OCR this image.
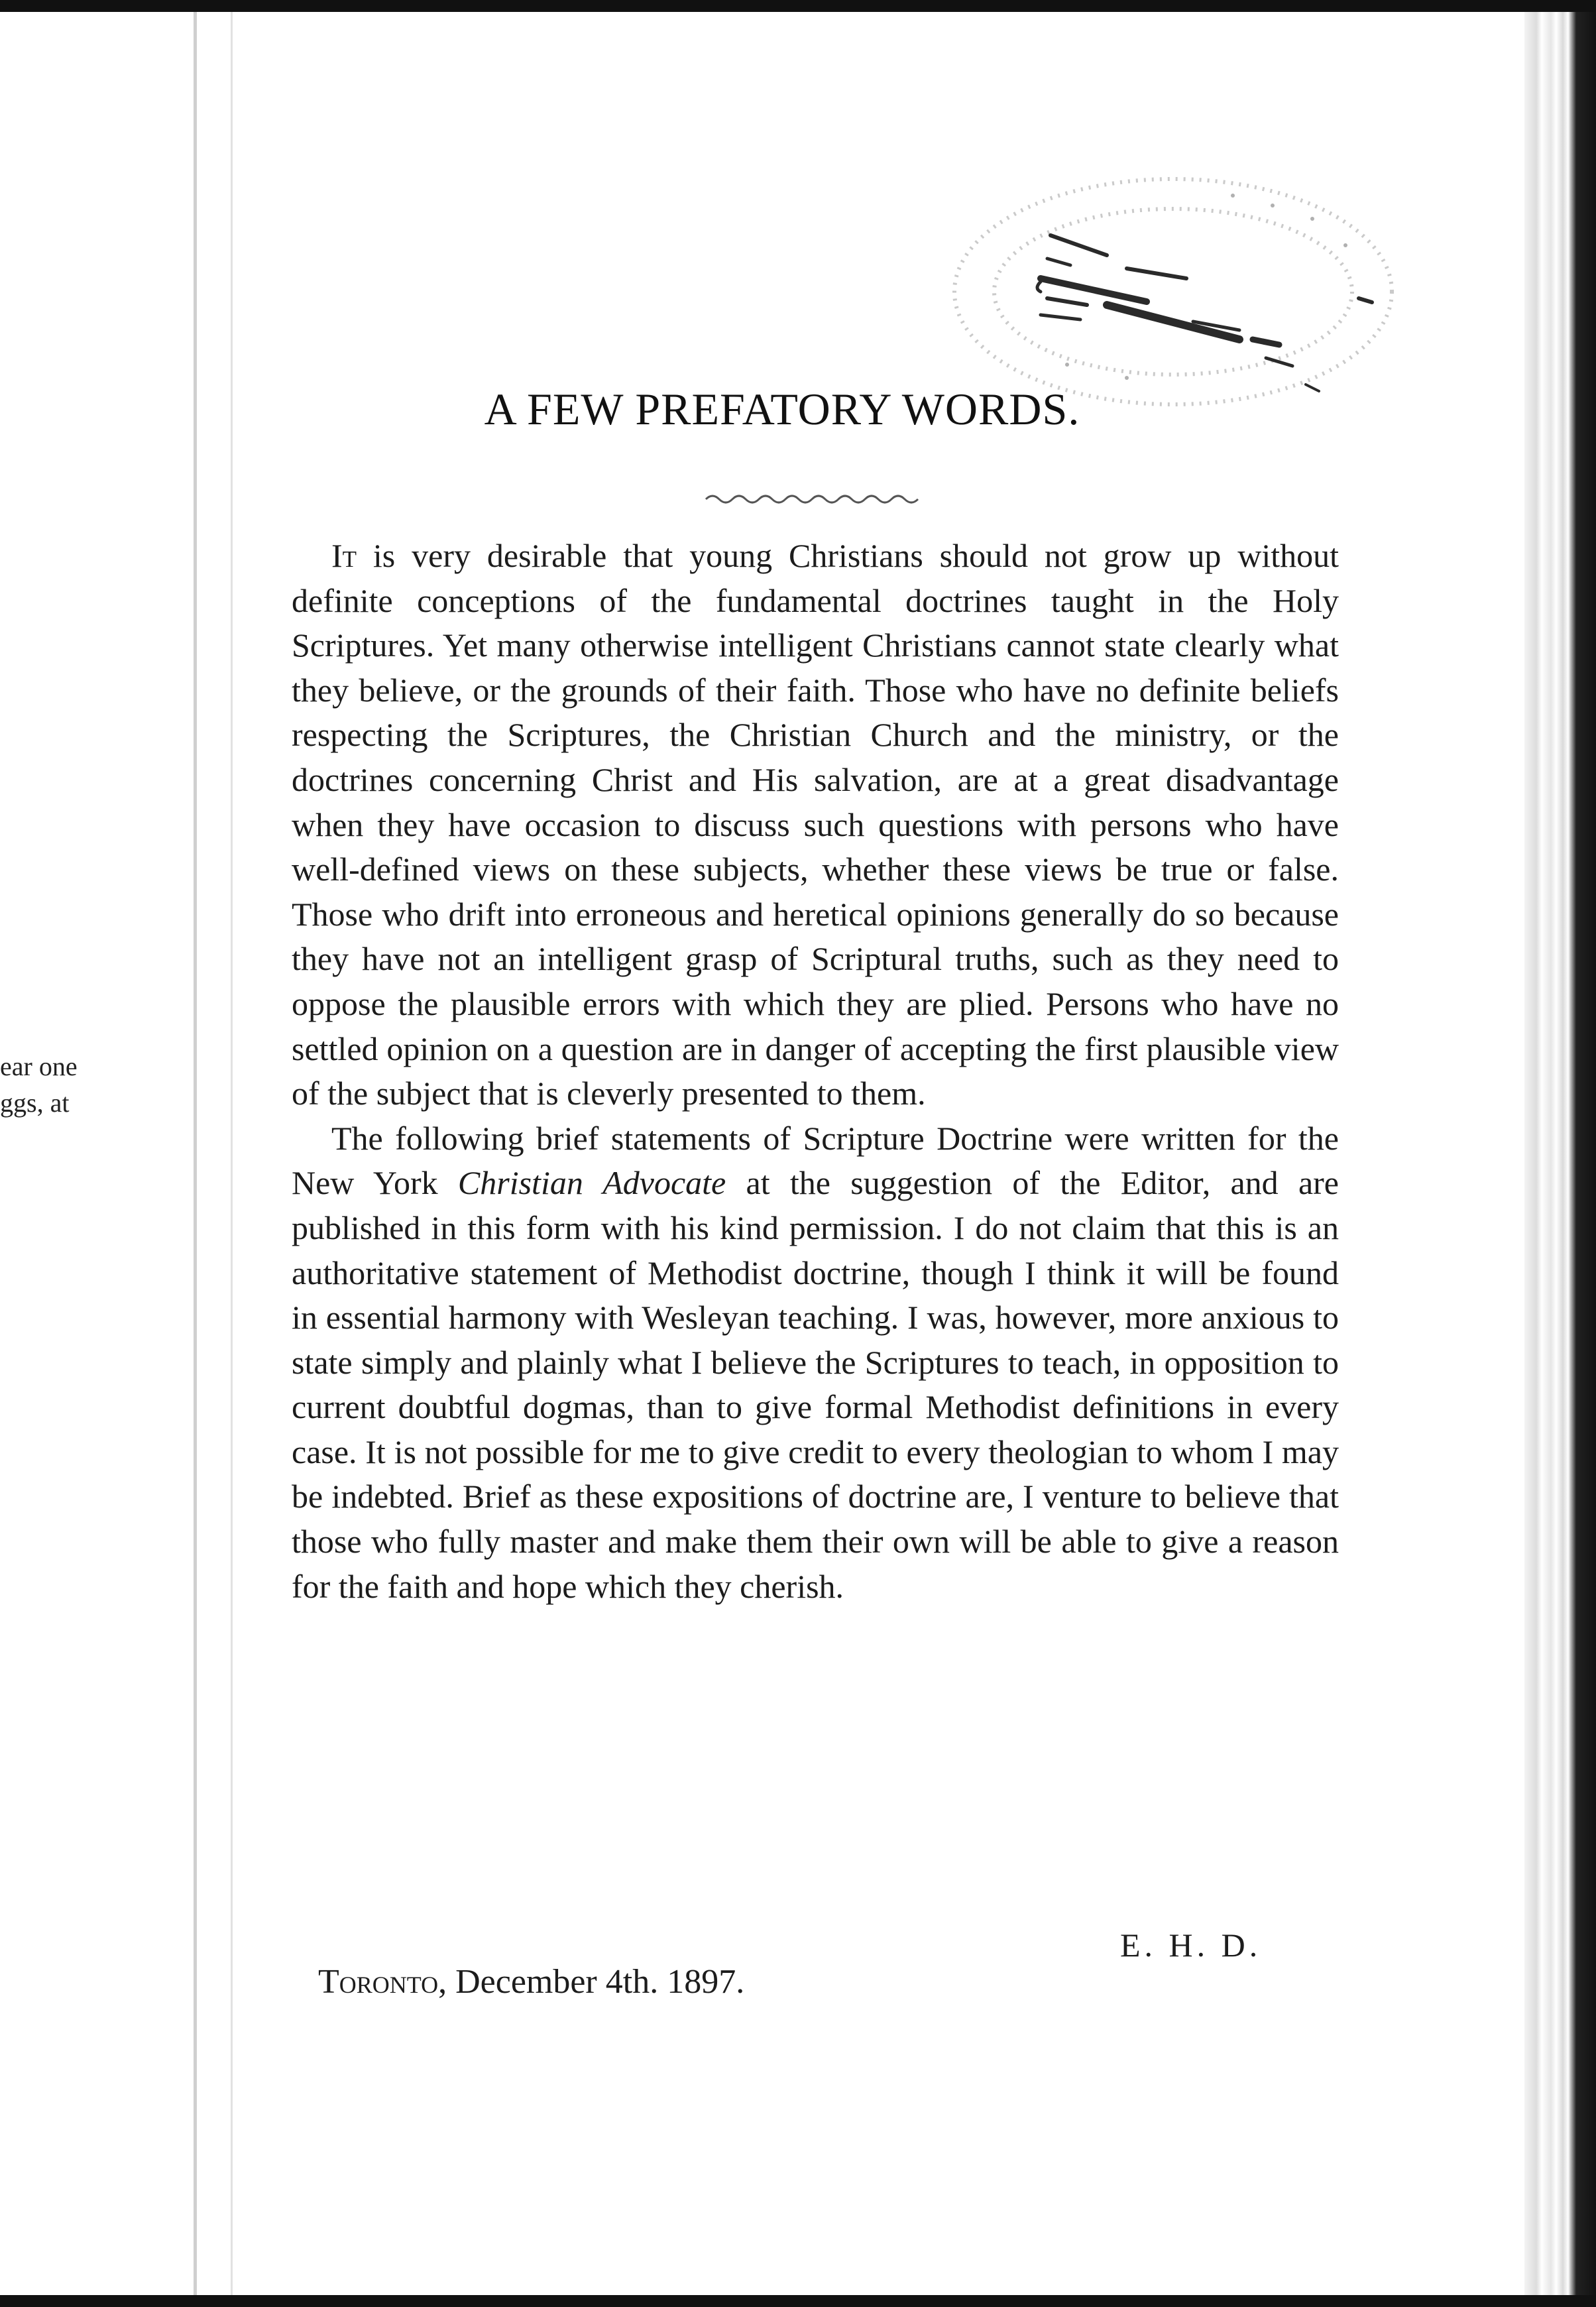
ear one
ggs, at
A FEW PREFATORY WORDS.

It is very desirable that young Christians should not grow up without definite conceptions of the fundamental doctrines taught in the Holy Scriptures. Yet many otherwise intelligent Christians cannot state clearly what they believe, or the grounds of their faith. Those who have no definite beliefs respecting the Scriptures, the Christian Church and the ministry, or the doctrines concerning Christ and His salvation, are at a great disadvantage when they have occasion to discuss such questions with persons who have well-defined views on these subjects, whether these views be true or false. Those who drift into erroneous and heretical opinions generally do so because they have not an intelligent grasp of Scriptural truths, such as they need to oppose the plausible errors with which they are plied. Persons who have no settled opinion on a question are in danger of accepting the first plausible view of the subject that is cleverly presented to them.

The following brief statements of Scripture Doctrine were written for the New York Christian Advocate at the suggestion of the Editor, and are published in this form with his kind permission. I do not claim that this is an authoritative statement of Methodist doctrine, though I think it will be found in essential harmony with Wesleyan teaching. I was, however, more anxious to state simply and plainly what I believe the Scriptures to teach, in opposition to current doubtful dogmas, than to give formal Methodist definitions in every case. It is not possible for me to give credit to every theologian to whom I may be indebted. Brief as these expositions of doctrine are, I venture to believe that those who fully master and make them their own will be able to give a reason for the faith and hope which they cherish.

E. H. D.
Toronto, December 4th. 1897.
